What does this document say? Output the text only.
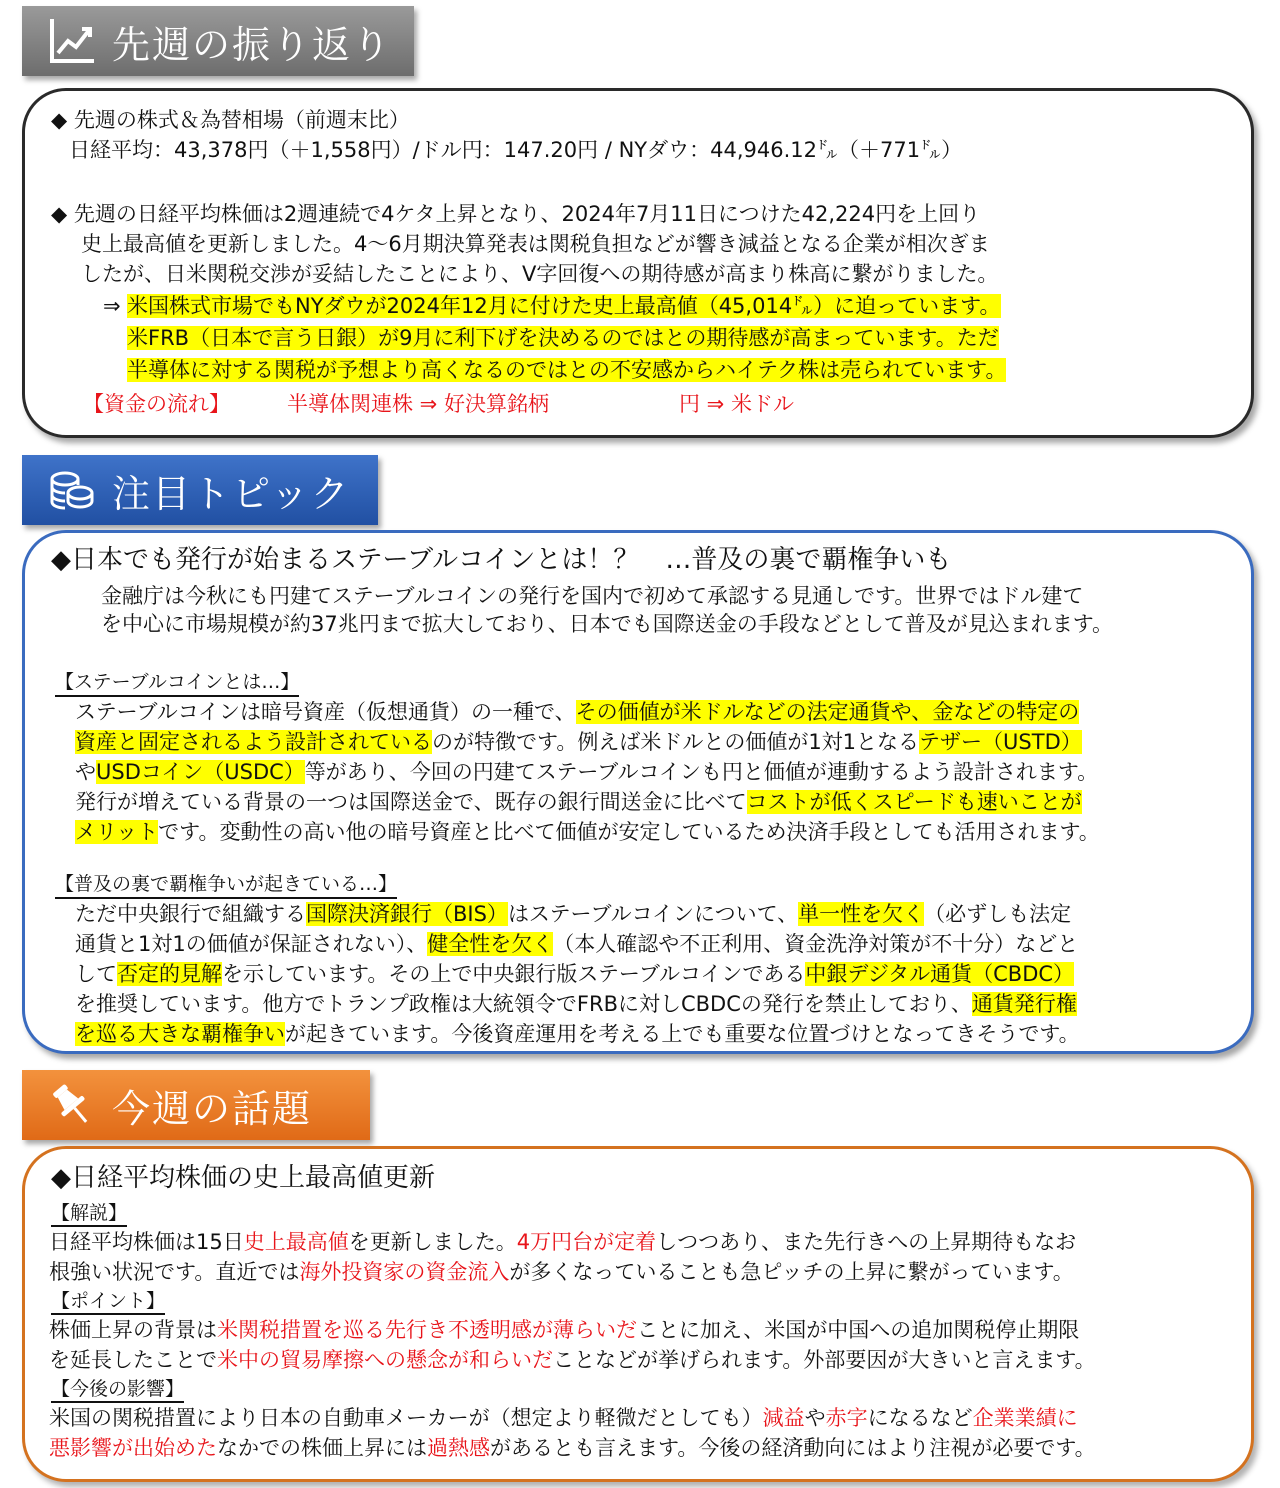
先週の振り返り
◆ 先週の株式＆為替相場（前週末比）
日経平均：43,378円（＋1,558円）/ドル円：147.20円 / NYダウ：44,946.12㌦（＋771㌦）
◆ 先週の日経平均株価は2週連続で4ケタ上昇となり、2024年7月11日につけた42,224円を上回り
史上最高値を更新しました。4～6月期決算発表は関税負担などが響き減益となる企業が相次ぎま
したが、日米関税交渉が妥結したことにより、V字回復への期待感が高まり株高に繋がりました。
⇒ 米国株式市場でもNYダウが2024年12月に付けた史上最高値（45,014㌦）に迫っています。
米FRB（日本で言う日銀）が9月に利下げを決めるのではとの期待感が高まっています。ただ
半導体に対する関税が予想より高くなるのではとの不安感からハイテク株は売られています。
【資金の流れ】	半導体関連株 ⇒ 好決算銘柄	円 ⇒ 米ドル
注目トピック
◆日本でも発行が始まるステーブルコインとは！？　…普及の裏で覇権争いも
金融庁は今秋にも円建てステーブルコインの発行を国内で初めて承認する見通しです。世界ではドル建て
を中心に市場規模が約37兆円まで拡大しており、日本でも国際送金の手段などとして普及が見込まれます。
【ステーブルコインとは…】
ステーブルコインは暗号資産（仮想通貨）の一種で、その価値が米ドルなどの法定通貨や、金などの特定の
資産と固定されるよう設計されているのが特徴です。例えば米ドルとの価値が1対1となるテザー（USTD）
やUSDコイン（USDC）等があり、今回の円建てステーブルコインも円と価値が連動するよう設計されます。
発行が増えている背景の一つは国際送金で、既存の銀行間送金に比べてコストが低くスピードも速いことが
メリットです。変動性の高い他の暗号資産と比べて価値が安定しているため決済手段としても活用されます。
【普及の裏で覇権争いが起きている…】
ただ中央銀行で組織する国際決済銀行（BIS）はステーブルコインについて、単一性を欠く（必ずしも法定
通貨と1対1の価値が保証されない）、健全性を欠く（本人確認や不正利用、資金洗浄対策が不十分）などと
して否定的見解を示しています。その上で中央銀行版ステーブルコインである中銀デジタル通貨（CBDC）
を推奨しています。他方でトランプ政権は大統領令でFRBに対しCBDCの発行を禁止しており、通貨発行権
を巡る大きな覇権争いが起きています。今後資産運用を考える上でも重要な位置づけとなってきそうです。
今週の話題
◆日経平均株価の史上最高値更新
【解説】
日経平均株価は15日史上最高値を更新しました。4万円台が定着しつつあり、また先行きへの上昇期待もなお
根強い状況です。直近では海外投資家の資金流入が多くなっていることも急ピッチの上昇に繋がっています。
【ポイント】
株価上昇の背景は米関税措置を巡る先行き不透明感が薄らいだことに加え、米国が中国への追加関税停止期限
を延長したことで米中の貿易摩擦への懸念が和らいだことなどが挙げられます。外部要因が大きいと言えます。
【今後の影響】
米国の関税措置により日本の自動車メーカーが（想定より軽微だとしても）減益や赤字になるなど企業業績に
悪影響が出始めたなかでの株価上昇には過熱感があるとも言えます。今後の経済動向にはより注視が必要です。
